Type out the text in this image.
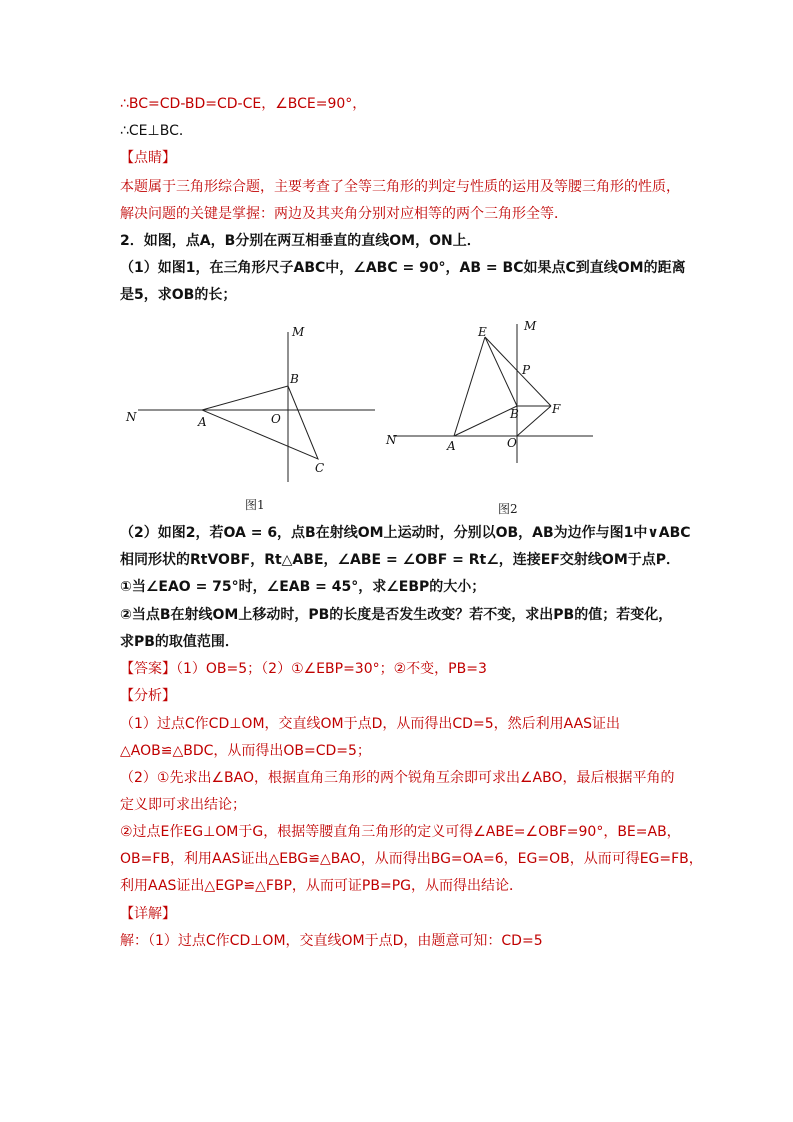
∴BC=CD-BD=CD-CE，∠BCE=90°，
∴CE⊥BC．
【点睛】
本题属于三角形综合题，主要考查了全等三角形的判定与性质的运用及等腰三角形的性质，
解决问题的关键是掌握：两边及其夹角分别对应相等的两个三角形全等．
2．如图，点A，B分别在两互相垂直的直线OM，ON上．
（1）如图1，在三角形尺子ABC中，∠ABC = 90°，AB = BC如果点C到直线OM的距离
是5，求OB的长；
M
N	A
B
O
C
图1
M
N	A
B
O
E
P
F
图2
（2）如图2，若OA = 6，点B在射线OM上运动时，分别以OB，AB为边作与图1中∨ABC
相同形状的RtVOBF，Rt△ABE，∠ABE = ∠OBF = Rt∠，连接EF交射线OM于点P．
①当∠EAO = 75°时，∠EAB = 45°，求∠EBP的大小；
②当点B在射线OM上移动时，PB的长度是否发生改变？若不变，求出PB的值；若变化，
求PB的取值范围．
【答案】（1）OB=5；（2）①∠EBP=30°；②不变，PB=3
【分析】
（1）过点C作CD⊥OM，交直线OM于点D，从而得出CD=5，然后利用AAS证出
△AOB≌△BDC，从而得出OB=CD=5；
（2）①先求出∠BAO，根据直角三角形的两个锐角互余即可求出∠ABO，最后根据平角的
定义即可求出结论；
②过点E作EG⊥OM于G，根据等腰直角三角形的定义可得∠ABE=∠OBF=90°，BE=AB，
OB=FB，利用AAS证出△EBG≌△BAO，从而得出BG=OA=6，EG=OB，从而可得EG=FB，
利用AAS证出△EGP≌△FBP，从而可证PB=PG，从而得出结论．
【详解】
解：（1）过点C作CD⊥OM，交直线OM于点D，由题意可知：CD=5
